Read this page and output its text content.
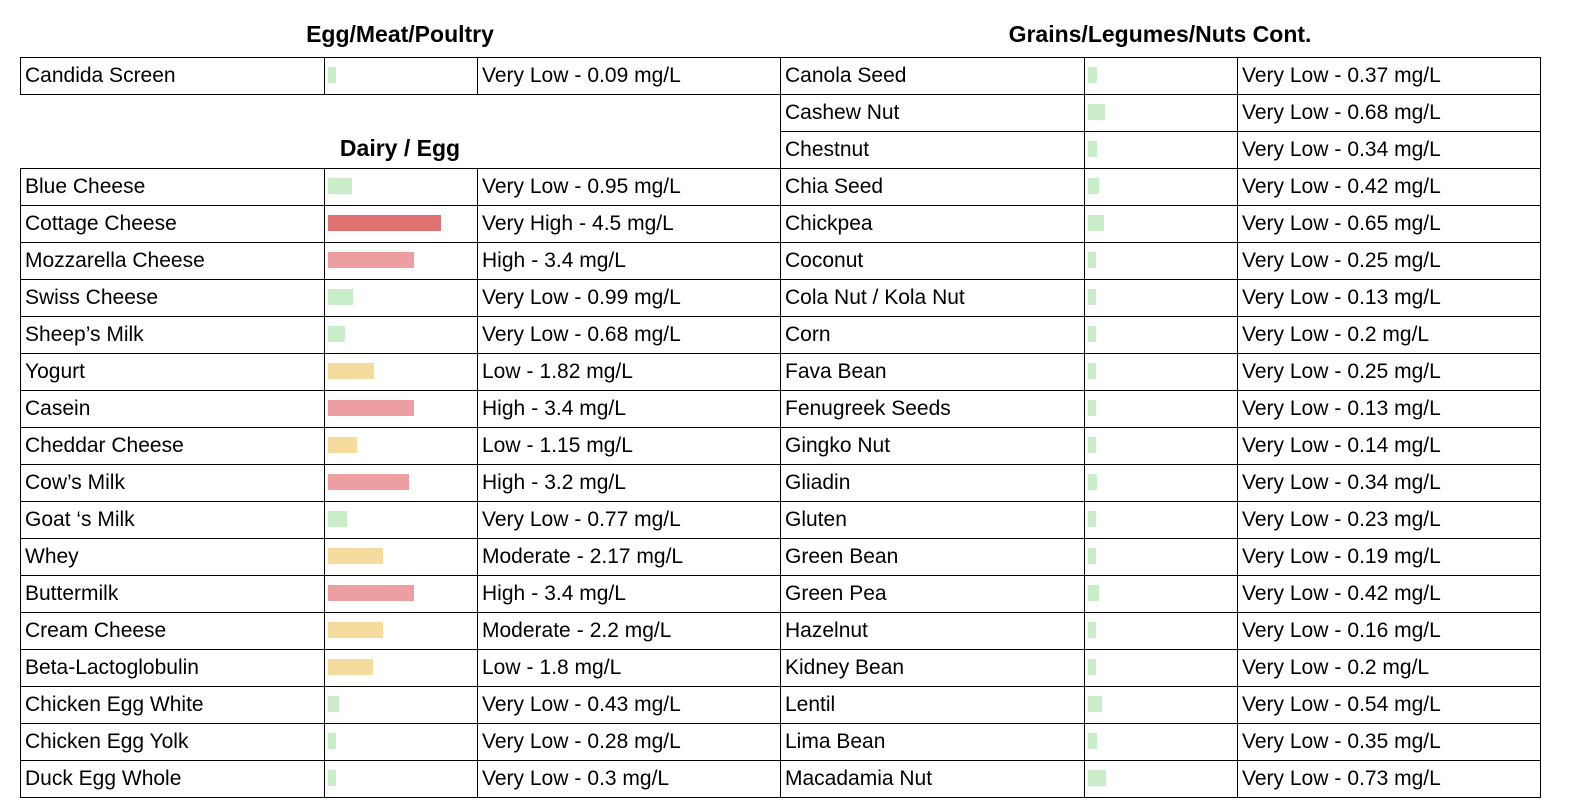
Egg/Meat/Poultry	Grains/Legumes/Nuts Cont.
Candida Screen		Very Low - 0.09 mg/L
Dairy / Egg
Blue Cheese		Very Low - 0.95 mg/L
Cottage Cheese		Very High - 4.5 mg/L
Mozzarella Cheese		High - 3.4 mg/L
Swiss Cheese		Very Low - 0.99 mg/L
Sheep’s Milk		Very Low - 0.68 mg/L
Yogurt		Low - 1.82 mg/L
Casein		High - 3.4 mg/L
Cheddar Cheese		Low - 1.15 mg/L
Cow’s Milk		High - 3.2 mg/L
Goat ‘s Milk		Very Low - 0.77 mg/L
Whey		Moderate - 2.17 mg/L
Buttermilk		High - 3.4 mg/L
Cream Cheese		Moderate - 2.2 mg/L
Beta-Lactoglobulin		Low - 1.8 mg/L
Chicken Egg White		Very Low - 0.43 mg/L
Chicken Egg Yolk		Very Low - 0.28 mg/L
Duck Egg Whole		Very Low - 0.3 mg/L
Canola Seed		Very Low - 0.37 mg/L
Cashew Nut		Very Low - 0.68 mg/L
Chestnut		Very Low - 0.34 mg/L
Chia Seed		Very Low - 0.42 mg/L
Chickpea		Very Low - 0.65 mg/L
Coconut		Very Low - 0.25 mg/L
Cola Nut / Kola Nut		Very Low - 0.13 mg/L
Corn		Very Low - 0.2 mg/L
Fava Bean		Very Low - 0.25 mg/L
Fenugreek Seeds		Very Low - 0.13 mg/L
Gingko Nut		Very Low - 0.14 mg/L
Gliadin		Very Low - 0.34 mg/L
Gluten		Very Low - 0.23 mg/L
Green Bean		Very Low - 0.19 mg/L
Green Pea		Very Low - 0.42 mg/L
Hazelnut		Very Low - 0.16 mg/L
Kidney Bean		Very Low - 0.2 mg/L
Lentil		Very Low - 0.54 mg/L
Lima Bean		Very Low - 0.35 mg/L
Macadamia Nut		Very Low - 0.73 mg/L
